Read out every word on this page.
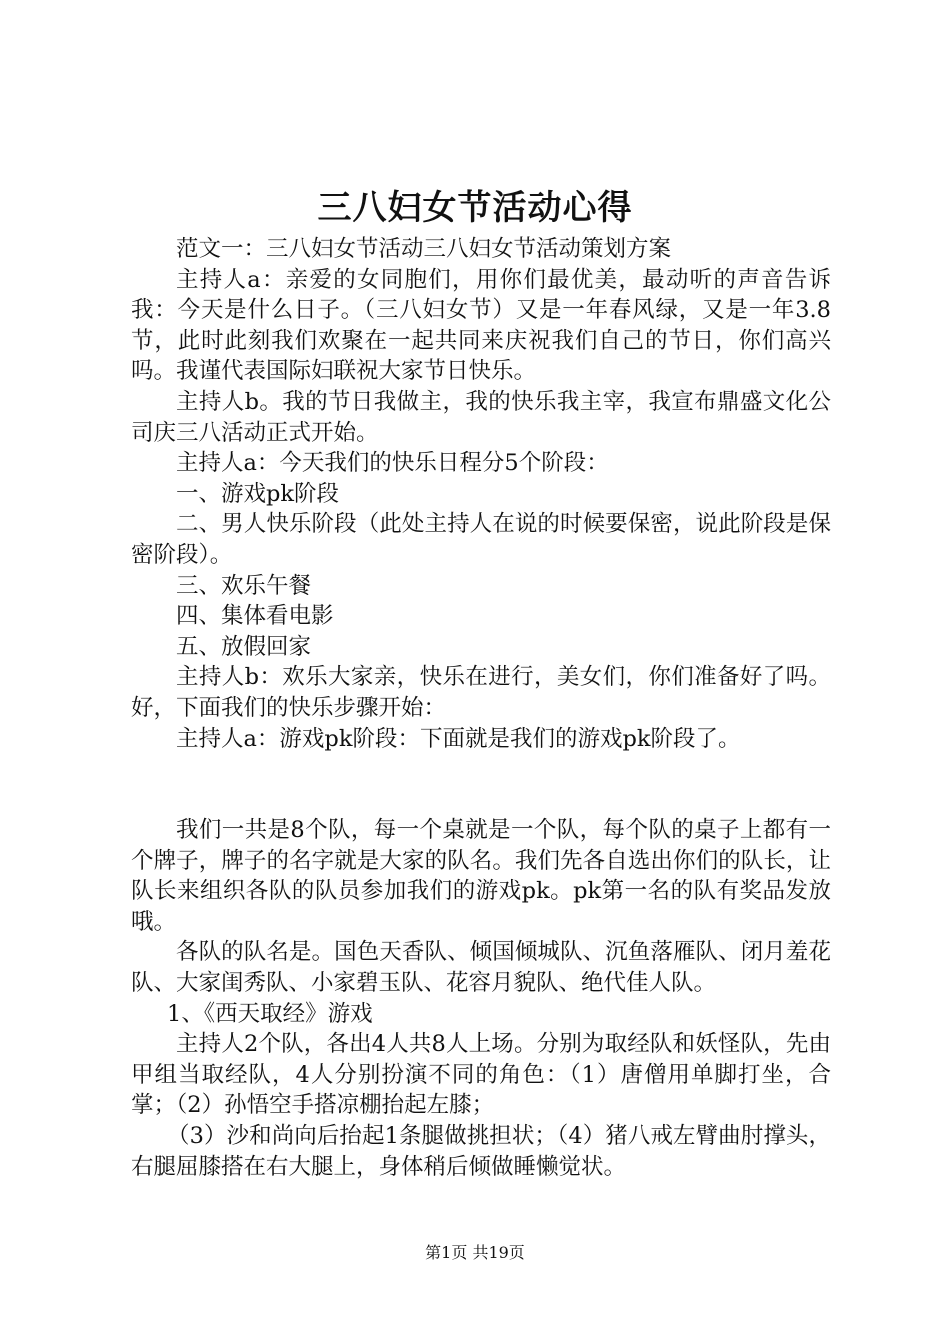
三八妇女节活动心得

范文一：三八妇女节活动三八妇女节活动策划方案

主持人a：亲爱的女同胞们，用你们最优美，最动听的声音告诉我：今天是什么日子。（三八妇女节）又是一年春风绿，又是一年3.8节，此时此刻我们欢聚在一起共同来庆祝我们自己的节日，你们高兴吗。我谨代表国际妇联祝大家节日快乐。

主持人b。我的节日我做主，我的快乐我主宰，我宣布鼎盛文化公司庆三八活动正式开始。

主持人a：今天我们的快乐日程分5个阶段：

一、游戏pk阶段

二、男人快乐阶段（此处主持人在说的时候要保密，说此阶段是保密阶段）。

三、欢乐午餐

四、集体看电影

五、放假回家

主持人b：欢乐大家亲，快乐在进行，美女们，你们准备好了吗。好，下面我们的快乐步骤开始：

主持人a：游戏pk阶段：下面就是我们的游戏pk阶段了。

我们一共是8个队，每一个桌就是一个队，每个队的桌子上都有一个牌子，牌子的名字就是大家的队名。我们先各自选出你们的队长，让队长来组织各队的队员参加我们的游戏pk。pk第一名的队有奖品发放哦。

各队的队名是。国色天香队、倾国倾城队、沉鱼落雁队、闭月羞花队、大家闺秀队、小家碧玉队、花容月貌队、绝代佳人队。

1、《西天取经》游戏

主持人2个队，各出4人共8人上场。分别为取经队和妖怪队，先由甲组当取经队，4人分别扮演不同的角色：（1）唐僧用单脚打坐，合掌；（2）孙悟空手搭凉棚抬起左膝；

（3）沙和尚向后抬起1条腿做挑担状；（4）猪八戒左臂曲肘撑头，右腿屈膝搭在右大腿上，身体稍后倾做睡懒觉状。

第1页 共19页
